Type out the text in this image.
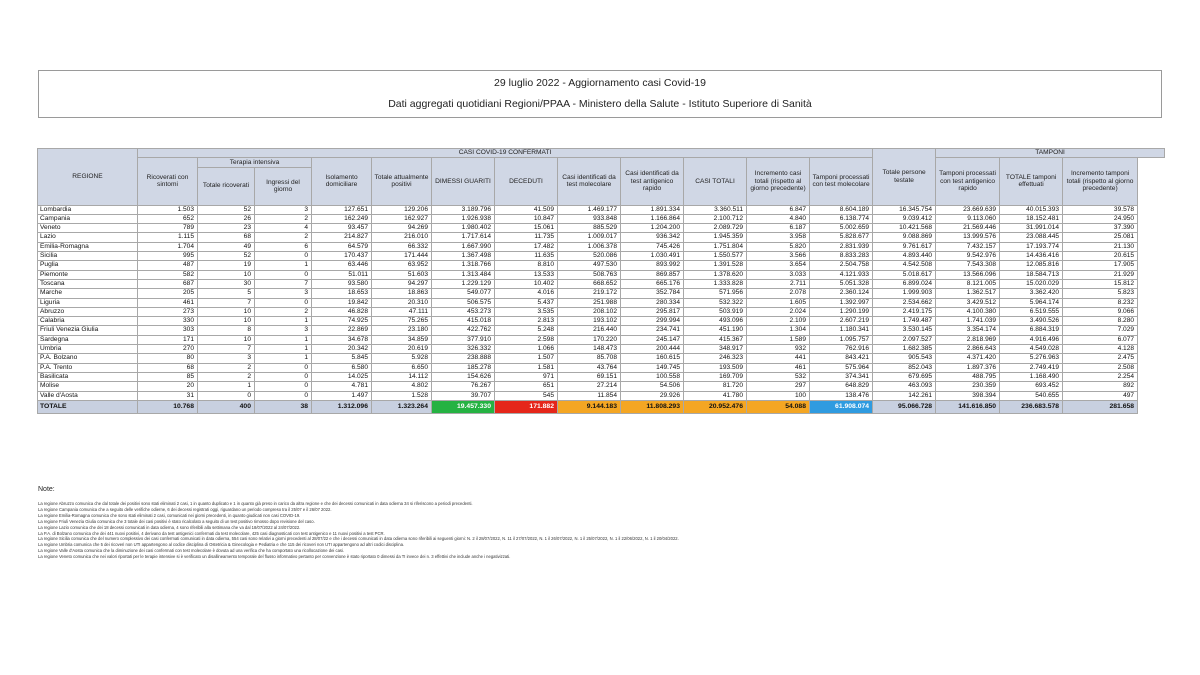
29 luglio 2022 - Aggiornamento casi Covid-19
Dati aggregati quotidiani Regioni/PPAA - Ministero della Salute - Istituto Superiore di Sanità
REGIONE	CASI COVID-19 CONFERMATI												Totale persone testate	TAMPONI		
	Ricoverati con sintomi	Terapia intensiva		Isolamento domiciliare	Totale attualmente positivi	DIMESSI GUARITI	DECEDUTI	Casi identificati da test molecolare	Casi identificati da test antigenico rapido	CASI TOTALI	Incremento casi totali (rispetto al giorno precedente)	Tamponi processati con test molecolare		Tamponi processati con test antigenico rapido	TOTALE tamponi effettuati	Incremento tamponi totali (rispetto al giorno precedente)
		Totale ricoverati	Ingressi del giorno													
Lombardia	1.503	52	3	127.651	129.206	3.189.796	41.509	1.469.177	1.891.334	3.360.511	6.847	8.604.189	16.345.754	23.669.639	40.015.393	39.578
Campania	652	26	2	162.249	162.927	1.926.938	10.847	933.848	1.166.864	2.100.712	4.840	6.138.774	9.039.412	9.113.060	18.152.481	24.950
Veneto	789	23	4	93.457	94.269	1.980.402	15.061	885.529	1.204.200	2.089.729	6.187	5.002.659	10.421.568	21.569.446	31.991.014	37.390
Lazio	1.115	68	2	214.827	216.010	1.717.614	11.735	1.009.017	936.342	1.945.359	3.958	5.828.677	9.088.869	13.999.576	23.088.445	25.081
Emilia-Romagna	1.704	49	6	64.579	66.332	1.667.990	17.482	1.006.378	745.426	1.751.804	5.820	2.831.939	9.761.617	7.432.157	17.193.774	21.130
Sicilia	995	52	0	170.437	171.444	1.367.498	11.635	520.086	1.030.491	1.550.577	3.566	8.833.283	4.893.440	9.542.976	14.436.416	20.615
Puglia	487	19	1	63.446	63.952	1.318.766	8.810	497.530	893.992	1.391.528	3.654	2.504.758	4.542.508	7.543.308	12.085.816	17.905
Piemonte	582	10	0	51.011	51.603	1.313.484	13.533	508.763	869.857	1.378.620	3.033	4.121.933	5.018.617	13.566.096	18.584.713	21.929
Toscana	687	30	7	93.580	94.297	1.229.129	10.402	668.652	665.176	1.333.828	2.711	5.051.328	6.899.024	8.121.005	15.020.029	15.812
Marche	205	5	3	18.653	18.863	549.077	4.016	219.172	352.784	571.956	2.078	2.360.124	1.999.903	1.362.517	3.362.420	5.823
Liguria	461	7	0	19.842	20.310	506.575	5.437	251.988	280.334	532.322	1.605	1.392.997	2.534.662	3.429.512	5.964.174	8.232
Abruzzo	273	10	2	46.828	47.111	453.273	3.535	208.102	295.817	503.919	2.024	1.290.199	2.419.175	4.100.380	6.519.555	9.066
Calabria	330	10	1	74.925	75.265	415.018	2.813	193.102	299.994	493.096	2.109	2.607.219	1.749.487	1.741.039	3.490.526	8.280
Friuli Venezia Giulia	303	8	3	22.869	23.180	422.762	5.248	216.440	234.741	451.190	1.304	1.180.341	3.530.145	3.354.174	6.884.319	7.029
Sardegna	171	10	1	34.678	34.859	377.910	2.598	170.220	245.147	415.367	1.589	1.095.757	2.097.527	2.818.969	4.916.496	6.077
Umbria	270	7	1	20.342	20.619	326.332	1.066	148.473	200.444	348.917	932	762.916	1.682.385	2.866.643	4.549.028	4.128
P.A. Bolzano	80	3	1	5.845	5.928	238.888	1.507	85.708	160.615	246.323	441	843.421	905.543	4.371.420	5.276.963	2.475
P.A. Trento	68	2	0	6.580	6.650	185.278	1.581	43.764	149.745	193.509	461	575.964	852.043	1.897.376	2.749.419	2.508
Basilicata	85	2	0	14.025	14.112	154.626	971	69.151	100.558	169.709	532	374.341	679.695	488.795	1.168.490	2.254
Molise	20	1	0	4.781	4.802	76.267	651	27.214	54.506	81.720	297	648.829	463.093	230.359	693.452	892
Valle d'Aosta	31	0	0	1.497	1.528	39.707	545	11.854	29.926	41.780	100	138.476	142.261	398.394	540.655	497
TOTALE	10.768	400	38	1.312.096	1.323.264	19.457.330	171.882	9.144.183	11.808.293	20.952.476	54.088	61.908.074	95.066.728	141.616.850	236.683.578	281.658
Note:
La regione Abruzzo comunica che dal totale dei positivi sono stati eliminati 2 casi, 1 in quanto duplicato e 1 in quanto già preso in carico da altra regione e che dei decessi comunicati in data odierna 34 si riferiscono a periodi precedenti.
La regione Campania comunica che a seguito delle verifiche odierne, 6 dei decessi registrati oggi, riguardano un periodo compreso tra il 25/07 e il 26/07 2022.
La regione Emilia-Romagna comunica che sono stati eliminati 2 casi, comunicati nei giorni precedenti, in quanto giudicati non casi COVID-19.
La regione Friuli Venezia Giulia comunica che 3 totale dei casi positivi è stato ricalcolato a seguito di un test positivo rimosso dopo revisione del caso.
La regione Lazio comunica che dei 18 decessi comunicati in data odierna, 4 sono riferibili alla settimana che va dal 18/07/2022 al 24/07/2022.
La P.A. di Bolzano comunica che dei 441 nuovi positivi, 4 derivano da test antigenici confermati da test molecolare, 425 casi diagnosticati con test antigenico e 11 nuovi positivi a test PCR.
La regione Sicilia comunica che del numero complessivo dei casi confermati comunicati in data odierna, 554 casi sono relativi a giorni precedenti al 28/07/22 e che i decessi comunicati in data odierna sono riferibili ai seguenti giorni: N. 2 il 28/07/2022, N. 11 il 27/07/2022, N. 1 il 26/07/2022, N. 1 il 25/07/2022, N. 1 il 22/06/2022, N. 1 il 20/04/2022.
La regione Umbria comunica che 5 dei ricoveri non UTI appartengono al codice disciplina di Ostetricia & Ginecologia e Pediatria e che 115 dei ricoveri non UTI appartengono ad altri codici disciplina.
La regione Valle d'Aosta comunica che la diminuzione dei casi confermati con test molecolare è dovuta ad una verifica che ha comportato una ricollocazione dei casi.
La regione Veneto comunica che nei valori riportati per le terapie intensive si è verificato un disallineamento temporale del flusso informativo pertanto per convenzione è stato riportato 0 dimessi da TI invece dei n. 3 effettivi che include anche i negativizzati.
